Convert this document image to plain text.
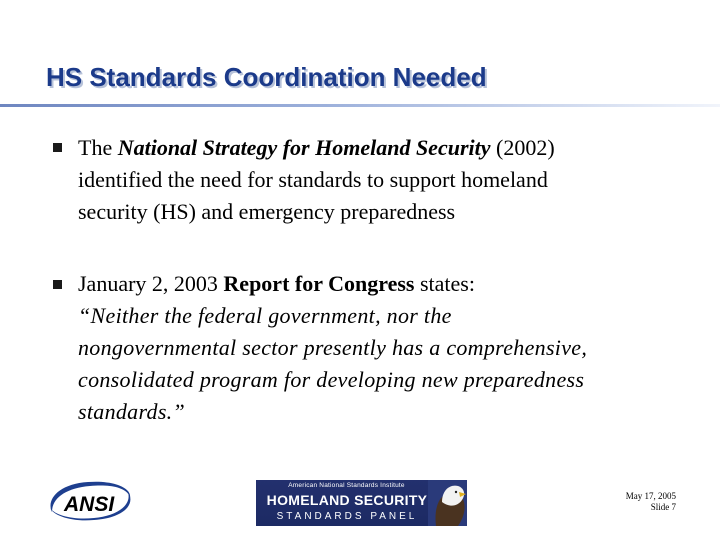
HS Standards Coordination Needed
The National Strategy for Homeland Security (2002)
identified the need for standards to support homeland
security (HS) and emergency preparedness
January 2, 2003 Report for Congress states:
“Neither the federal government, nor the
nongovernmental sector presently has a comprehensive,
consolidated program for developing new preparedness
standards.”
ANSI
American National Standards Institute
HOMELAND SECURITY
STANDARDS PANEL
May 17, 2005
Slide 7
